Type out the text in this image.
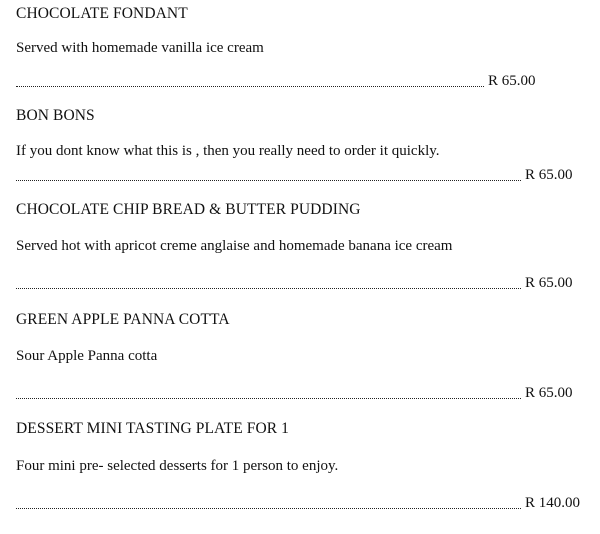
CHOCOLATE FONDANT
Served with homemade vanilla ice cream
R 65.00
BON BONS
If you dont know what this is , then you really need to order it quickly.
R 65.00
CHOCOLATE CHIP BREAD & BUTTER PUDDING
Served hot with apricot creme anglaise and homemade banana ice cream
R 65.00
GREEN APPLE PANNA COTTA
Sour Apple Panna cotta
R 65.00
DESSERT MINI TASTING PLATE FOR 1
Four mini pre- selected desserts for 1 person to enjoy.
R 140.00
